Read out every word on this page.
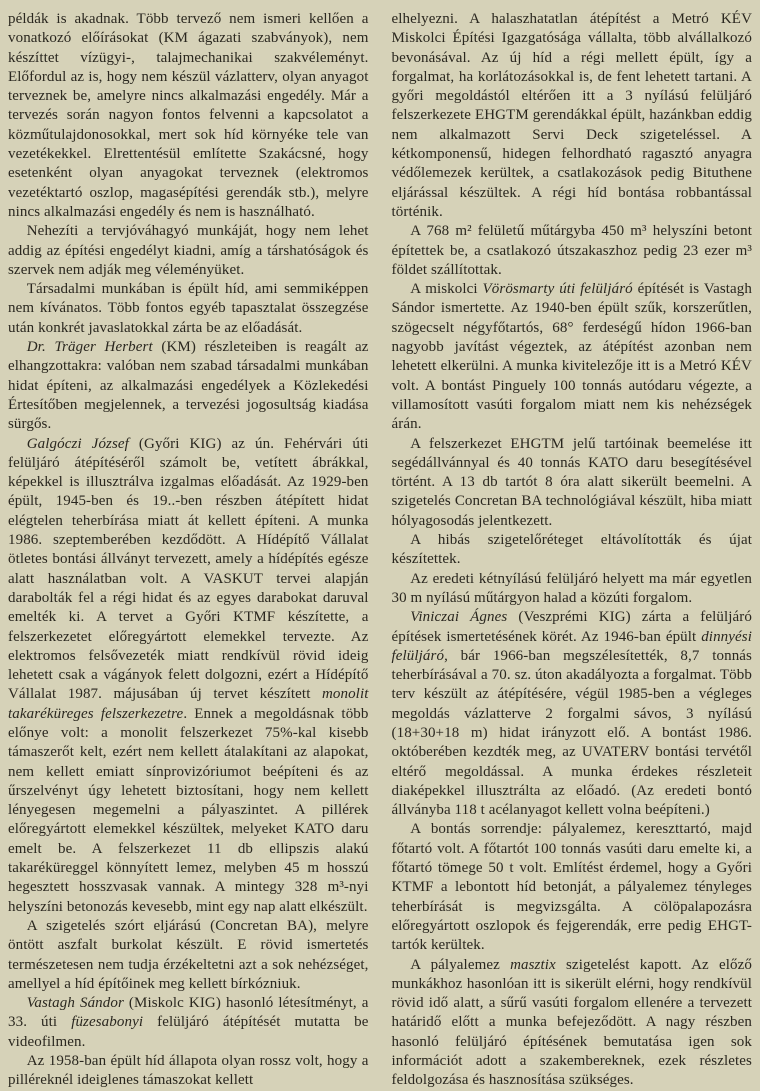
példák is akadnak. Több tervező nem ismeri kellően a vonatkozó előírásokat (KM ágazati szabványok), nem készíttet vízügyi-, talajmechanikai szakvéleményt. Előfordul az is, hogy nem készül vázlatterv, olyan anyagot terveznek be, amelyre nincs alkalmazási engedély. Már a tervezés során nagyon fontos felvenni a kapcsolatot a közműtulajdonosokkal, mert sok híd környéke tele van vezetékekkel. Elrettentésül említette Szakácsné, hogy esetenként olyan anyagokat terveznek (elektromos vezetéktartó oszlop, magasépítési gerendák stb.), melyre nincs alkalmazási engedély és nem is használható.

Nehezíti a tervjóváhagyó munkáját, hogy nem lehet addig az építési engedélyt kiadni, amíg a társhatóságok és szervek nem adják meg véleményüket.

Társadalmi munkában is épült híd, ami semmiképpen nem kívánatos. Több fontos egyéb tapasztalat összegzése után konkrét javaslatokkal zárta be az előadását.

Dr. Träger Herbert (KM) részleteiben is reagált az elhangzottakra: valóban nem szabad társadalmi munkában hidat építeni, az alkalmazási engedélyek a Közlekedési Értesítőben megjelennek, a tervezési jogosultság kiadása sürgős.

Galgóczi József (Győri KIG) az ún. Fehérvári úti felüljáró átépítéséről számolt be, vetített ábrákkal, képekkel is illusztrálva izgalmas előadását. Az 1929-ben épült, 1945-ben és 19..-ben részben átépített hidat elégtelen teherbírása miatt át kellett építeni. A munka 1986. szeptemberében kezdődött. A Hídépítő Vállalat ötletes bontási állványt tervezett, amely a hídépítés egésze alatt használatban volt. A VASKUT tervei alapján darabolták fel a régi hidat és az egyes darabokat daruval emelték ki. A tervet a Győri KTMF készítette, a felszerkezetet előregyártott elemekkel tervezte. Az elektromos felsővezeték miatt rendkívül rövid ideig lehetett csak a vágányok felett dolgozni, ezért a Hídépítő Vállalat 1987. májusában új tervet készített monolit takaréküreges felszerkezetre. Ennek a megoldásnak több előnye volt: a monolit felszerkezet 75%-kal kisebb támaszerőt kelt, ezért nem kellett átalakítani az alapokat, nem kellett emiatt sínprovizóriumot beépíteni és az űrszelvényt úgy lehetett biztosítani, hogy nem kellett lényegesen megemelni a pályaszintet. A pillérek előregyártott elemekkel készültek, melyeket KATO daru emelt be. A felszerkezet 11 db ellipszis alakú takaréküreggel könnyített lemez, melyben 45 m hosszú hegesztett hosszvasak vannak. A mintegy 328 m³-nyi helyszíni betonozás kevesebb, mint egy nap alatt elkészült.

A szigetelés szórt eljárású (Concretan BA), melyre öntött aszfalt burkolat készült. E rövid ismertetés természetesen nem tudja érzékeltetni azt a sok nehézséget, amellyel a híd építőinek meg kellett bírkózniuk.

Vastagh Sándor (Miskolc KIG) hasonló létesítményt, a 33. úti füzesabonyi felüljáró átépítését mutatta be videofilmen.

Az 1958-ban épült híd állapota olyan rossz volt, hogy a pilléreknél ideiglenes támaszokat kellett

elhelyezni. A halaszhatatlan átépítést a Metró KÉV Miskolci Építési Igazgatósága vállalta, több alvállalkozó bevonásával. Az új híd a régi mellett épült, így a forgalmat, ha korlátozásokkal is, de fent lehetett tartani. A győri megoldástól eltérően itt a 3 nyílású felüljáró felszerkezete EHGTM gerendákkal épült, hazánkban eddig nem alkalmazott Servi Deck szigeteléssel. A kétkomponensű, hidegen felhordható ragasztó anyagra védőlemezek kerültek, a csatlakozások pedig Bituthene eljárással készültek. A régi híd bontása robbantással történik.

A 768 m² felületű műtárgyba 450 m³ helyszíni betont építettek be, a csatlakozó útszakaszhoz pedig 23 ezer m³ földet szállítottak.

A miskolci Vörösmarty úti felüljáró építését is Vastagh Sándor ismertette. Az 1940-ben épült szűk, korszerűtlen, szögecselt négyfőtartós, 68° ferdeségű hídon 1966-ban nagyobb javítást végeztek, az átépítést azonban nem lehetett elkerülni. A munka kivitelezője itt is a Metró KÉV volt. A bontást Pinguely 100 tonnás autódaru végezte, a villamosított vasúti forgalom miatt nem kis nehézségek árán.

A felszerkezet EHGTM jelű tartóinak beemelése itt segédállvánnyal és 40 tonnás KATO daru besegítésével történt. A 13 db tartót 8 óra alatt sikerült beemelni. A szigetelés Concretan BA technológiával készült, hiba miatt hólyagosodás jelentkezett.

A hibás szigetelőréteget eltávolították és újat készítettek.

Az eredeti kétnyílású felüljáró helyett ma már egyetlen 30 m nyílású műtárgyon halad a közúti forgalom.

Viniczai Ágnes (Veszprémi KIG) zárta a felüljáró építések ismertetésének körét. Az 1946-ban épült dinnyési felüljáró, bár 1966-ban megszélesítették, 8,7 tonnás teherbírásával a 70. sz. úton akadályozta a forgalmat. Több terv készült az átépítésére, végül 1985-ben a végleges megoldás vázlatterve 2 forgalmi sávos, 3 nyílású (18+30+18 m) hidat irányzott elő. A bontást 1986. októberében kezdték meg, az UVATERV bontási tervétől eltérő megoldással. A munka érdekes részleteit diaképekkel illusztrálta az előadó. (Az eredeti bontó állványba 118 t acélanyagot kellett volna beépíteni.)

A bontás sorrendje: pályalemez, kereszttartó, majd főtartó volt. A főtartót 100 tonnás vasúti daru emelte ki, a főtartó tömege 50 t volt. Említést érdemel, hogy a Győri KTMF a lebontott híd betonját, a pályalemez tényleges teherbírását is megvizsgálta. A cölöpalapozásra előregyártott oszlopok és fejgerendák, erre pedig EHGT-tartók kerültek.

A pályalemez masztix szigetelést kapott. Az előző munkákhoz hasonlóan itt is sikerült elérni, hogy rendkívül rövid idő alatt, a sűrű vasúti forgalom ellenére a tervezett határidő előtt a munka befejeződött. A nagy részben hasonló felüljáró építésének bemutatása igen sok információt adott a szakembereknek, ezek részletes feldolgozása és hasznosítása szükséges.
